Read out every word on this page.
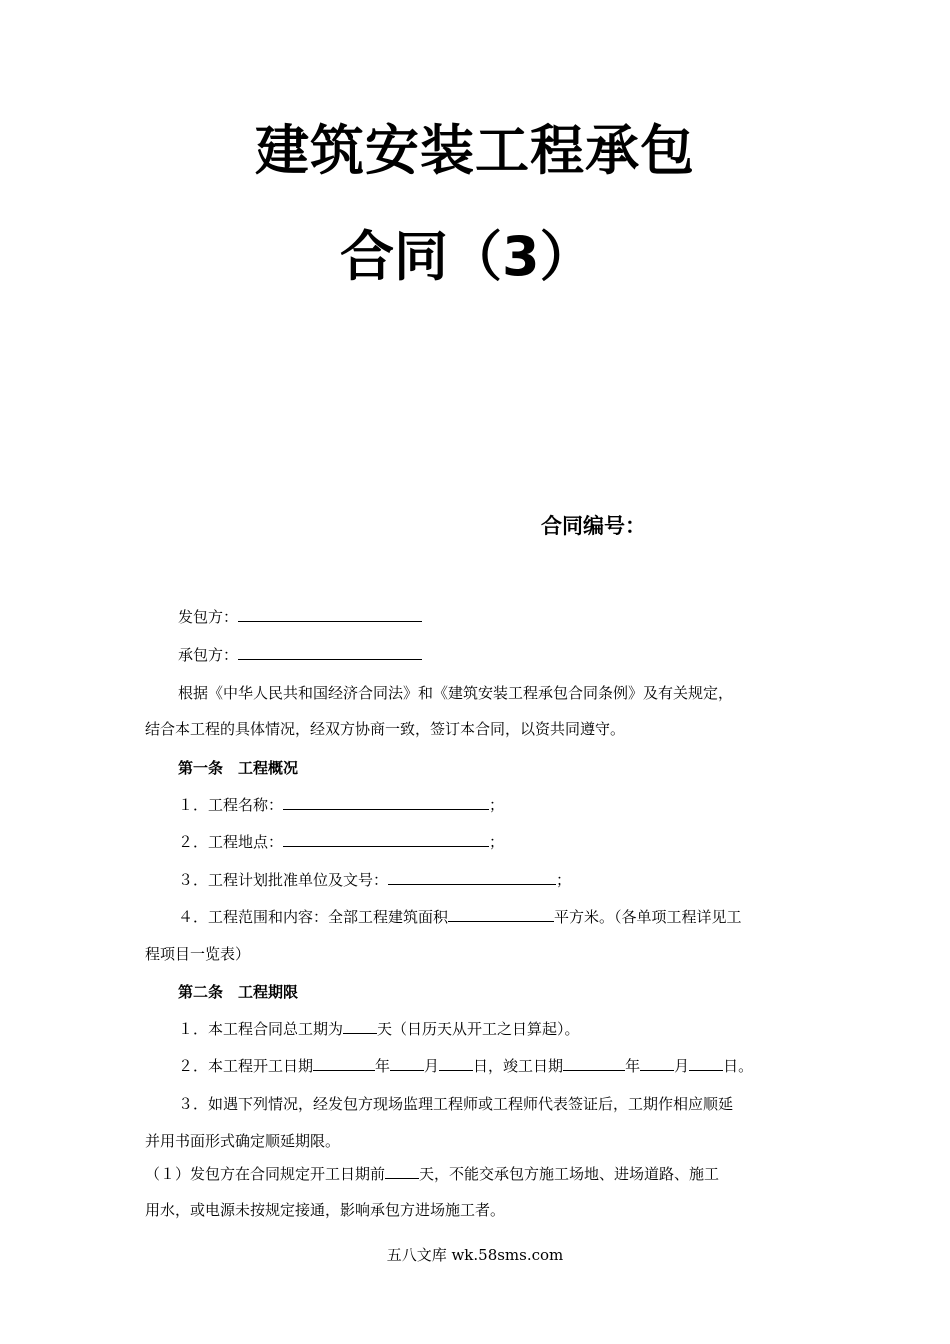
建筑安装工程承包
合同（3）
合同编号：
发包方：
承包方：
根据《中华人民共和国经济合同法》和《建筑安装工程承包合同条例》及有关规定，
结合本工程的具体情况，经双方协商一致，签订本合同，以资共同遵守。
第一条　工程概况
１．工程名称：	；
２．工程地点：	；
３．工程计划批准单位及文号：	；
４．工程范围和内容：全部工程建筑面积	平方米。（各单项工程详见工
程项目一览表）
第二条　工程期限
１．本工程合同总工期为 天（日历天从开工之日算起）。
２．本工程开工日期	年 月 日，竣工日期	年 月 日。
３．如遇下列情况，经发包方现场监理工程师或工程师代表签证后，工期作相应顺延
并用书面形式确定顺延期限。
（１）发包方在合同规定开工日期前 天，不能交承包方施工场地、进场道路、施工
用水，或电源未按规定接通，影响承包方进场施工者。
五八文库 wk.58sms.com
